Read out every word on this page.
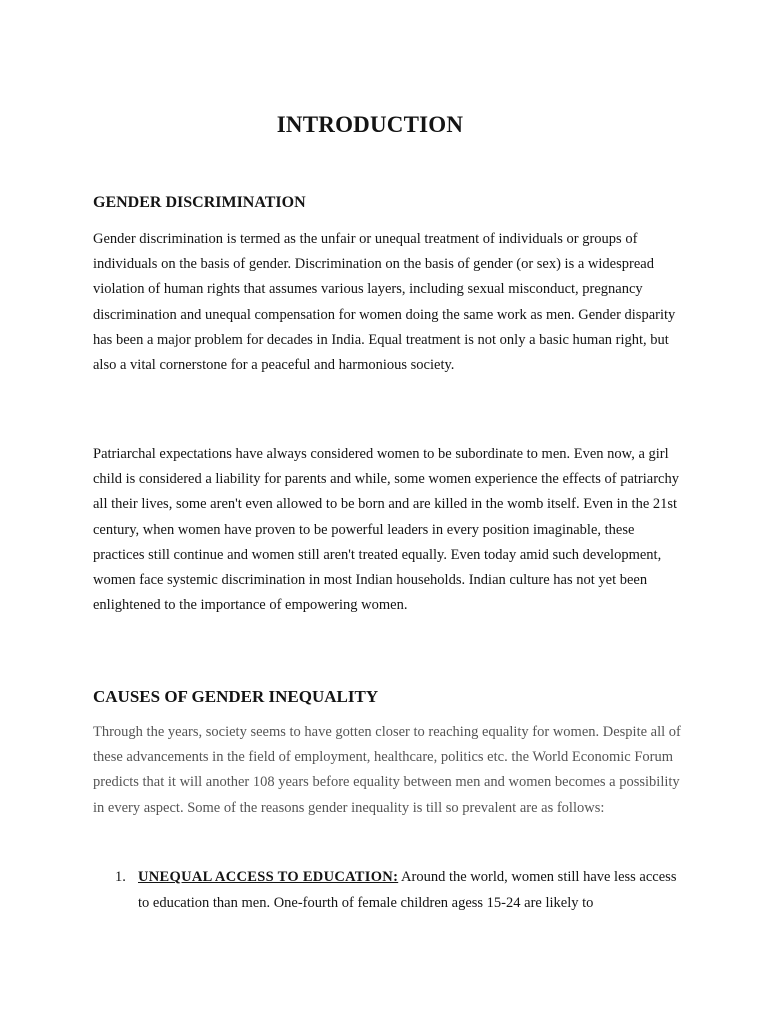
INTRODUCTION
GENDER DISCRIMINATION

Gender discrimination is termed as the unfair or unequal treatment of individuals or groups of individuals on the basis of gender. Discrimination on the basis of gender (or sex) is a widespread violation of human rights that assumes various layers, including sexual misconduct, pregnancy discrimination and unequal compensation for women doing the same work as men. Gender disparity has been a major problem for decades in India. Equal treatment is not only a basic human right, but also a vital cornerstone for a peaceful and harmonious society.

Patriarchal expectations have always considered women to be subordinate to men. Even now, a girl child is considered a liability for parents and while, some women experience the effects of patriarchy all their lives, some aren't even allowed to be born and are killed in the womb itself. Even in the 21st century, when women have proven to be powerful leaders in every position imaginable, these practices still continue and women still aren't treated equally. Even today amid such development, women face systemic discrimination in most Indian households. Indian culture has not yet been enlightened to the importance of empowering women.

CAUSES OF GENDER INEQUALITY

Through the years, society seems to have gotten closer to reaching equality for women. Despite all of these advancements in the field of employment, healthcare, politics etc. the World Economic Forum predicts that it will another 108 years before equality between men and women becomes a possibility in every aspect. Some of the reasons gender inequality is till so prevalent are as follows:

1. UNEQUAL ACCESS TO EDUCATION: Around the world, women still have less access to education than men. One-fourth of female children agess 15-24 are likely to
